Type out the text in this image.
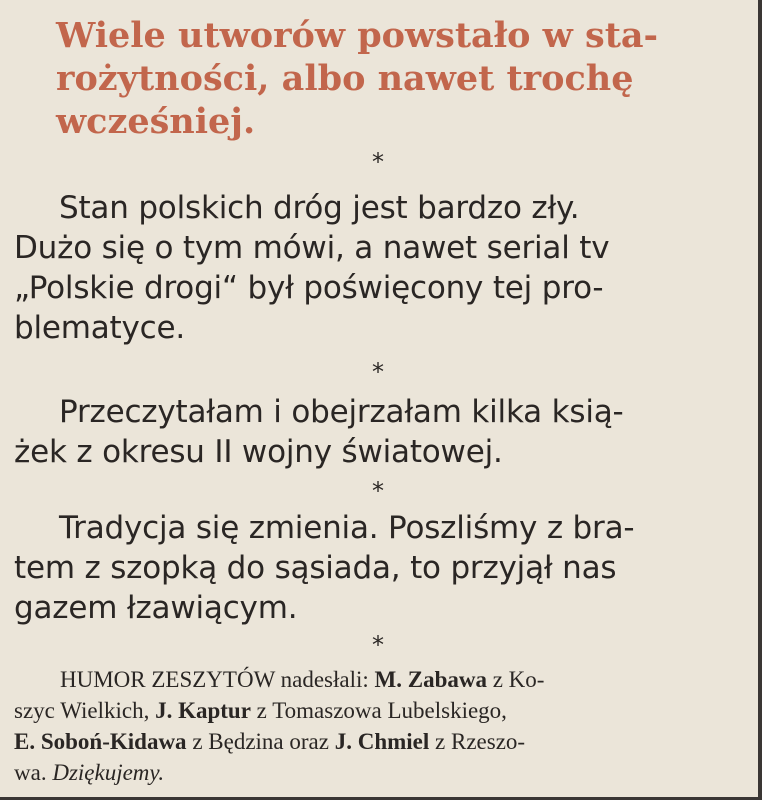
Wiele utworów powstało w sta-
rożytności, albo nawet trochę
wcześniej.
*

Stan polskich dróg jest bardzo zły.
Dużo się o tym mówi, a nawet serial tv
„Polskie drogi“ był poświęcony tej pro-
blematyce.

*

Przeczytałam i obejrzałam kilka ksią-
żek z okresu II wojny światowej.

*

Tradycja się zmienia. Poszliśmy z bra-
tem z szopką do sąsiada, to przyjął nas
gazem łzawiącym.

*

HUMOR ZESZYTÓW nadesłali: M. Zabawa z Ko-
szyc Wielkich, J. Kaptur z Tomaszowa Lubelskiego,
E. Soboń-Kidawa z Będzina oraz J. Chmiel z Rzeszo-
wa. Dziękujemy.
